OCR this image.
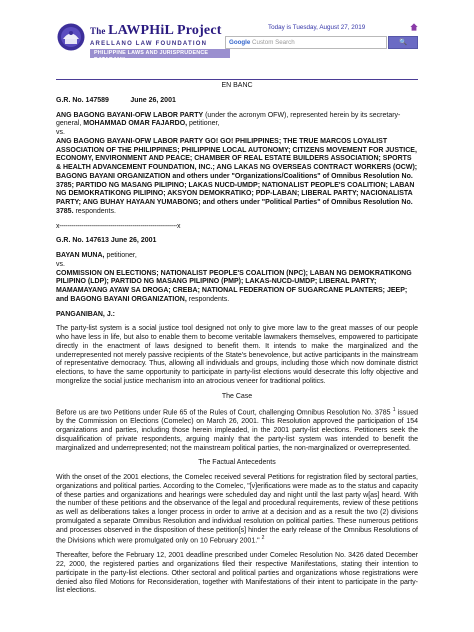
The LAWPHiL Project
ARELLANO LAW FOUNDATION
PHILIPPINE LAWS AND JURISPRUDENCE DATABANK
Today is Tuesday, August 27, 2019
Google Custom Search	🔍
EN BANC
G.R. No. 147589	June 26, 2001
ANG BAGONG BAYANI-OFW LABOR PARTY (under the acronym OFW), represented herein by its secretary-general, MOHAMMAD OMAR FAJARDO, petitioner,
vs.
ANG BAGONG BAYANI-OFW LABOR PARTY GO! GO! PHILIPPINES; THE TRUE MARCOS LOYALIST ASSOCIATION OF THE PHILIPPINES; PHILIPPINE LOCAL AUTONOMY; CITIZENS MOVEMENT FOR JUSTICE, ECONOMY, ENVIRONMENT AND PEACE; CHAMBER OF REAL ESTATE BUILDERS ASSOCIATION; SPORTS & HEALTH ADVANCEMENT FOUNDATION, INC.; ANG LAKAS NG OVERSEAS CONTRACT WORKERS (OCW); BAGONG BAYANI ORGANIZATION and others under "Organizations/Coalitions" of Omnibus Resolution No. 3785; PARTIDO NG MASANG PILIPINO; LAKAS NUCD-UMDP; NATIONALIST PEOPLE'S COALITION; LABAN NG DEMOKRATIKONG PILIPINO; AKSYON DEMOKRATIKO; PDP-LABAN; LIBERAL PARTY; NACIONALISTA PARTY; ANG BUHAY HAYAAN YUMABONG; and others under "Political Parties" of Omnibus Resolution No. 3785. respondents.
x----------------------------------------------------------x
G.R. No. 147613 June 26, 2001
BAYAN MUNA, petitioner,
vs.
COMMISSION ON ELECTIONS; NATIONALIST PEOPLE'S COALITION (NPC); LABAN NG DEMOKRATIKONG PILIPINO (LDP); PARTIDO NG MASANG PILIPINO (PMP); LAKAS-NUCD-UMDP; LIBERAL PARTY; MAMAMAYANG AYAW SA DROGA; CREBA; NATIONAL FEDERATION OF SUGARCANE PLANTERS; JEEP; and BAGONG BAYANI ORGANIZATION, respondents.
PANGANIBAN, J.:
The party-list system is a social justice tool designed not only to give more law to the great masses of our people who have less in life, but also to enable them to become veritable lawmakers themselves, empowered to participate directly in the enactment of laws designed to benefit them. It intends to make the marginalized and the underrepresented not merely passive recipients of the State's benevolence, but active participants in the mainstream of representative democracy. Thus, allowing all individuals and groups, including those which now dominate district elections, to have the same opportunity to participate in party-list elections would desecrate this lofty objective and mongrelize the social justice mechanism into an atrocious veneer for traditional politics.
The Case
Before us are two Petitions under Rule 65 of the Rules of Court, challenging Omnibus Resolution No. 3785 $^1$ issued by the Commission on Elections (Comelec) on March 26, 2001. This Resolution approved the participation of 154 organizations and parties, including those herein impleaded, in the 2001 party-list elections. Petitioners seek the disqualification of private respondents, arguing mainly that the party-list system was intended to benefit the marginalized and underrepresented; not the mainstream political parties, the non-marginalized or overrepresented.
The Factual Antecedents
With the onset of the 2001 elections, the Comelec received several Petitions for registration filed by sectoral parties, organizations and political parties. According to the Comelec, "[v]erifications were made as to the status and capacity of these parties and organizations and hearings were scheduled day and night until the last party w[as] heard. With the number of these petitions and the observance of the legal and procedural requirements, review of these petitions as well as deliberations takes a longer process in order to arrive at a decision and as a result the two (2) divisions promulgated a separate Omnibus Resolution and individual resolution on political parties. These numerous petitions and processes observed in the disposition of these petition[s] hinder the early release of the Omnibus Resolutions of the Divisions which were promulgated only on 10 February 2001." $^2$
Thereafter, before the February 12, 2001 deadline prescribed under Comelec Resolution No. 3426 dated December 22, 2000, the registered parties and organizations filed their respective Manifestations, stating their intention to participate in the party-list elections. Other sectoral and political parties and organizations whose registrations were denied also filed Motions for Reconsideration, together with Manifestations of their intent to participate in the party-list elections.
